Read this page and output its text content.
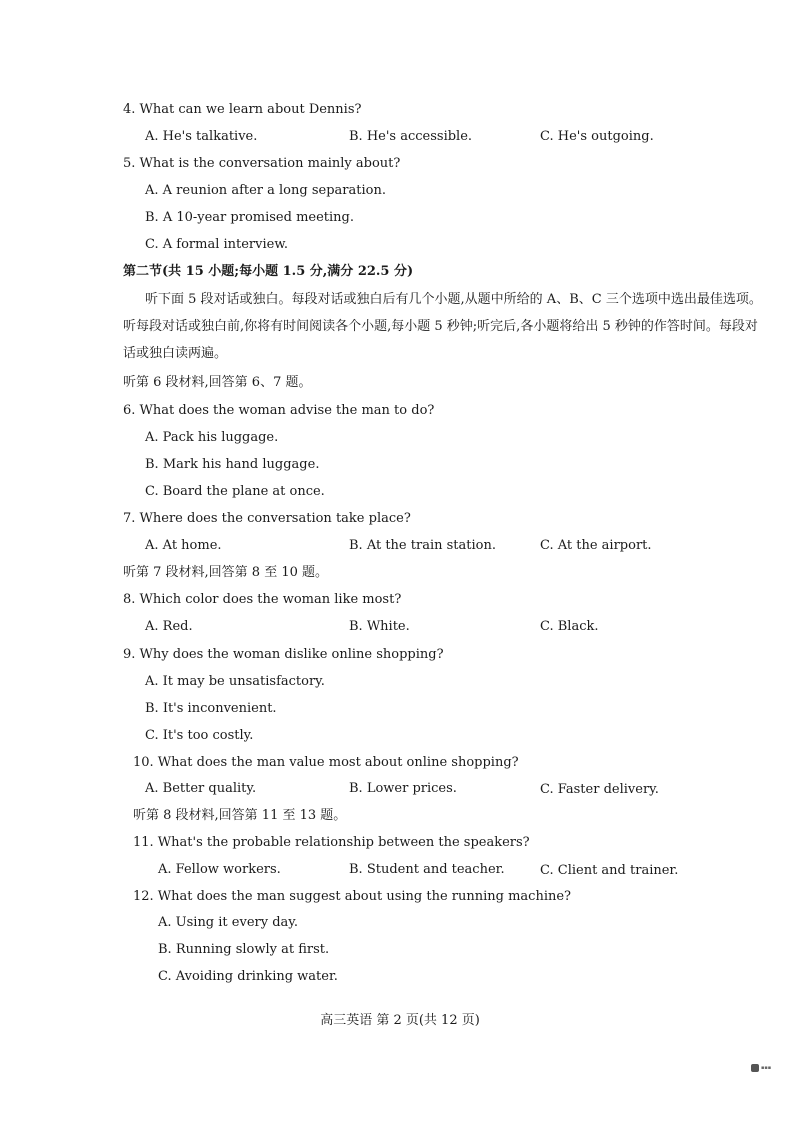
4. What can we learn about Dennis?
A. He's talkative.	B. He's accessible.	C. He's outgoing.
5. What is the conversation mainly about?
A. A reunion after a long separation.
B. A 10-year promised meeting.
C. A formal interview.
第二节(共 15 小题;每小题 1.5 分,满分 22.5 分)
听下面 5 段对话或独白。每段对话或独白后有几个小题,从题中所给的 A、B、C 三个选项中选出最佳选项。听每段对话或独白前,你将有时间阅读各个小题,每小题 5 秒钟;听完后,各小题将给出 5 秒钟的作答时间。每段对话或独白读两遍。
听第 6 段材料,回答第 6、7 题。
6. What does the woman advise the man to do?
A. Pack his luggage.
B. Mark his hand luggage.
C. Board the plane at once.
7. Where does the conversation take place?
A. At home.	B. At the train station.	C. At the airport.
听第 7 段材料,回答第 8 至 10 题。
8. Which color does the woman like most?
A. Red.	B. White.	C. Black.
9. Why does the woman dislike online shopping?
A. It may be unsatisfactory.
B. It's inconvenient.
C. It's too costly.
10. What does the man value most about online shopping?
A. Better quality.	B. Lower prices.	C. Faster delivery.
听第 8 段材料,回答第 11 至 13 题。
11. What's the probable relationship between the speakers?
A. Fellow workers.	B. Student and teacher.	C. Client and trainer.
12. What does the man suggest about using the running machine?
A. Using it every day.
B. Running slowly at first.
C. Avoiding drinking water.
高三英语 第 2 页(共 12 页)
▪▪▪
